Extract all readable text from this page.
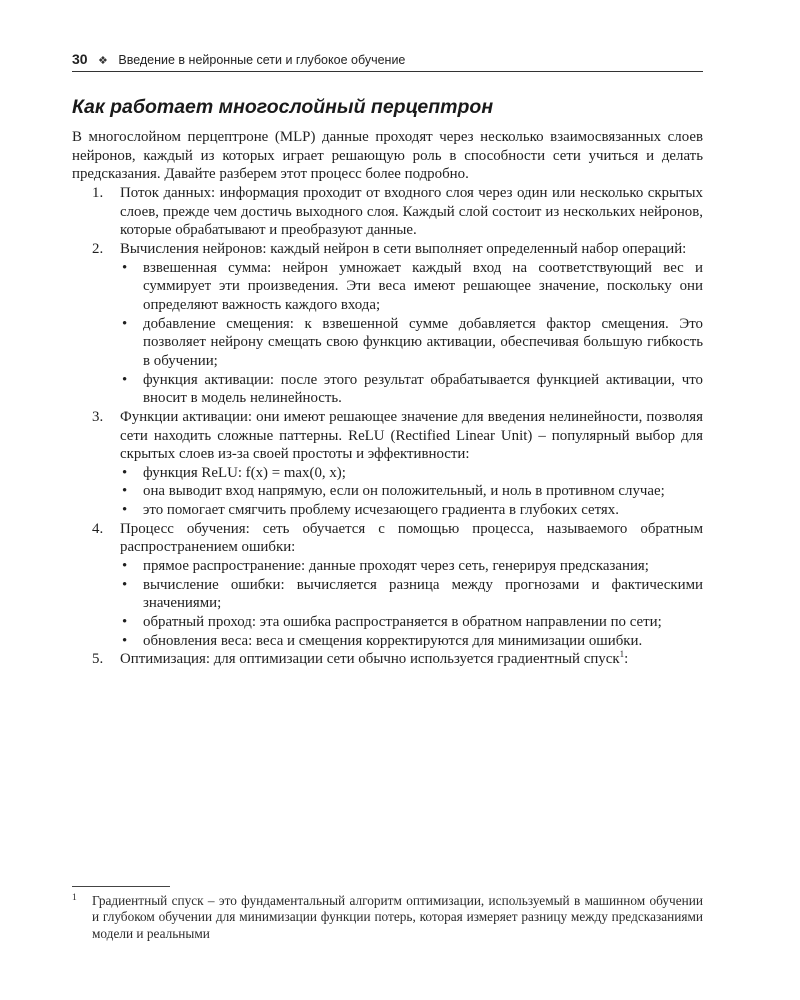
30 ❖ Введение в нейронные сети и глубокое обучение
Как работает многослойный перцептрон

В многослойном перцептроне (MLP) данные проходят через несколько взаимосвязанных слоев нейронов, каждый из которых играет решающую роль в способности сети учиться и делать предсказания. Давайте разберем этот процесс более подробно.

1. Поток данных: информация проходит от входного слоя через один или несколько скрытых слоев, прежде чем достичь выходного слоя. Каждый слой состоит из нескольких нейронов, которые обрабатывают и преобразуют данные.
2. Вычисления нейронов: каждый нейрон в сети выполняет определенный набор операций:
• взвешенная сумма: нейрон умножает каждый вход на соответствующий вес и суммирует эти произведения. Эти веса имеют решающее значение, поскольку они определяют важность каждого входа;
• добавление смещения: к взвешенной сумме добавляется фактор смещения. Это позволяет нейрону смещать свою функцию активации, обеспечивая большую гибкость в обучении;
• функция активации: после этого результат обрабатывается функцией активации, что вносит в модель нелинейность.
3. Функции активации: они имеют решающее значение для введения нелинейности, позволяя сети находить сложные паттерны. ReLU (Rectified Linear Unit) – популярный выбор для скрытых слоев из-за своей простоты и эффективности:
• функция ReLU: f(x) = max(0, x);
• она выводит вход напрямую, если он положительный, и ноль в противном случае;
• это помогает смягчить проблему исчезающего градиента в глубоких сетях.
4. Процесс обучения: сеть обучается с помощью процесса, называемого обратным распространением ошибки:
• прямое распространение: данные проходят через сеть, генерируя предсказания;
• вычисление ошибки: вычисляется разница между прогнозами и фактическими значениями;
• обратный проход: эта ошибка распространяется в обратном направлении по сети;
• обновления веса: веса и смещения корректируются для минимизации ошибки.
5. Оптимизация: для оптимизации сети обычно используется градиентный спуск$^1$:
1 Градиентный спуск – это фундаментальный алгоритм оптимизации, используемый в машинном обучении и глубоком обучении для минимизации функции потерь, которая измеряет разницу между предсказаниями модели и реальными
